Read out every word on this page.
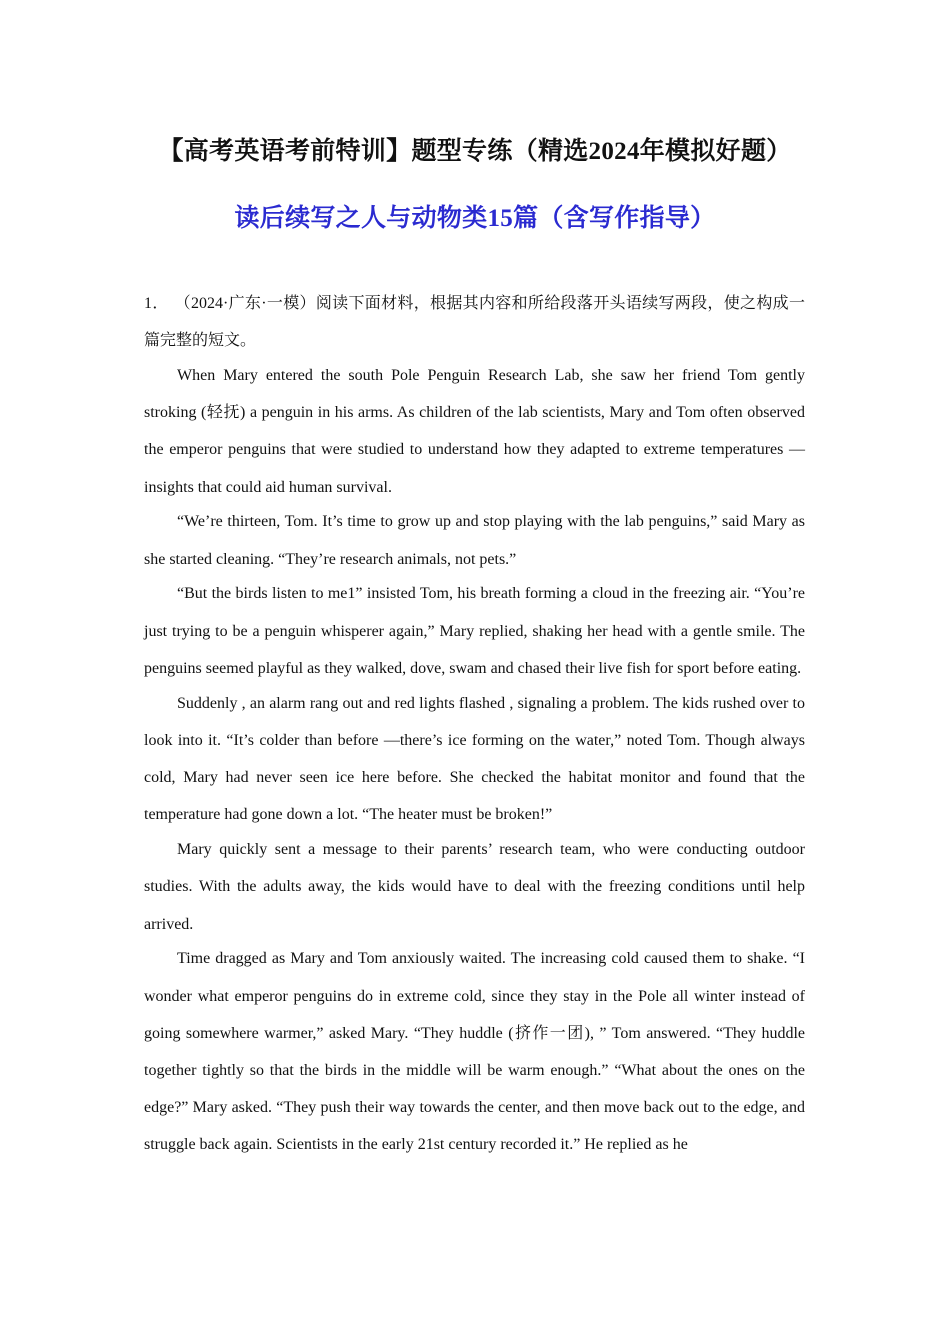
【高考英语考前特训】题型专练（精选2024年模拟好题）
读后续写之人与动物类15篇（含写作指导）

1． （2024·广东·一模）阅读下面材料，根据其内容和所给段落开头语续写两段，使之构成一篇完整的短文。

When Mary entered the south Pole Penguin Research Lab, she saw her friend Tom gently stroking (轻抚) a penguin in his arms. As children of the lab scientists, Mary and Tom often observed the emperor penguins that were studied to understand how they adapted to extreme temperatures —insights that could aid human survival.

“We’re thirteen, Tom. It’s time to grow up and stop playing with the lab penguins,” said Mary as she started cleaning. “They’re research animals, not pets.”

“But the birds listen to me1” insisted Tom, his breath forming a cloud in the freezing air. “You’re just trying to be a penguin whisperer again,” Mary replied, shaking her head with a gentle smile. The penguins seemed playful as they walked, dove, swam and chased their live fish for sport before eating.

Suddenly , an alarm rang out and red lights flashed , signaling a problem. The kids rushed over to look into it. “It’s colder than before —there’s ice forming on the water,” noted Tom. Though always cold, Mary had never seen ice here before. She checked the habitat monitor and found that the temperature had gone down a lot. “The heater must be broken!”

Mary quickly sent a message to their parents’ research team, who were conducting outdoor studies. With the adults away, the kids would have to deal with the freezing conditions until help arrived.

Time dragged as Mary and Tom anxiously waited. The increasing cold caused them to shake. “I wonder what emperor penguins do in extreme cold, since they stay in the Pole all winter instead of going somewhere warmer,” asked Mary. “They huddle (挤作一团), ” Tom answered. “They huddle together tightly so that the birds in the middle will be warm enough.” “What about the ones on the edge?” Mary asked. “They push their way towards the center, and then move back out to the edge, and struggle back again. Scientists in the early 21st century recorded it.” He replied as he
